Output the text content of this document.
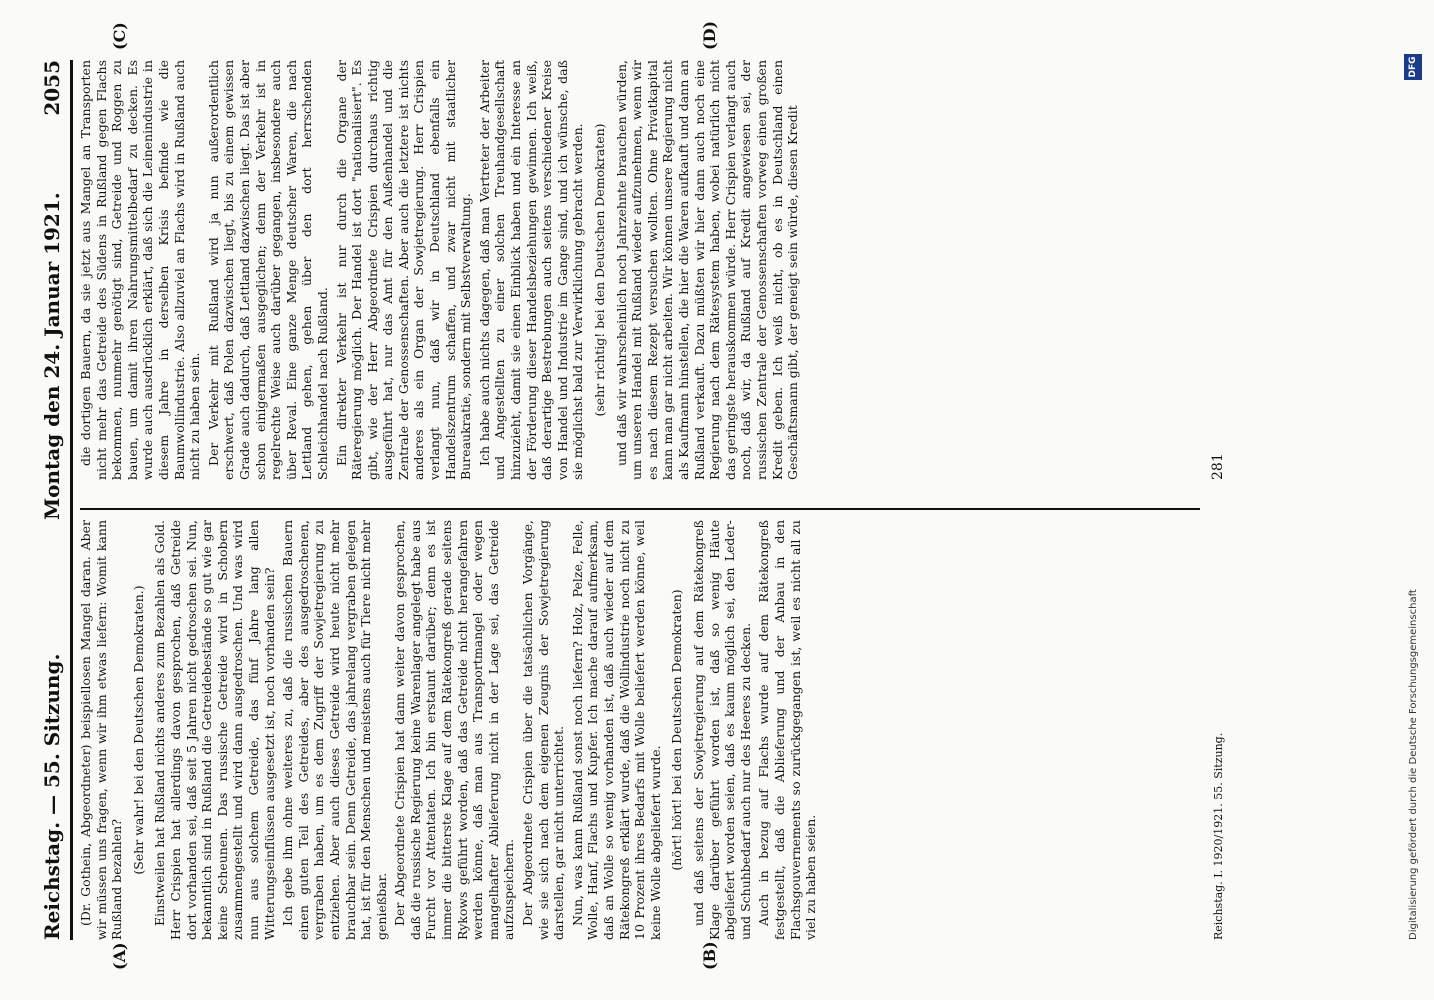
Reichstag. — 55. Sitzung.
Montag den 24. Januar 1921.
2055
(A)	(B)
(C)	(D)

(Dr. Gothein, Abgeordneter) beispiellosen Mangel daran. Aber wir müssen uns fragen, wenn wir ihm etwas liefern: Womit kann Rußland bezahlen?

(Sehr wahr! bei den Deutschen Demokraten.) Einstweilen hat Rußland nichts anderes zum Bezahlen als Gold. Herr Crispien hat allerdings davon gesprochen, daß Getreide dort vorhanden sei, daß seit 5 Jahren nicht gedroschen sei. Nun, bekanntlich sind in Rußland die Getreidebestände so gut wie gar keine Scheunen. Das russische Getreide wird in Schobern zusammengestellt und wird dann ausgedroschen. Und was wird nun aus solchem Getreide, das fünf Jahre lang allen Witterungseinflüssen ausgesetzt ist, noch vorhanden sein? Ich gebe ihm ohne weiteres zu, daß die russischen Bauern einen guten Teil des Getreides, aber des ausgedroschenen, vergraben haben, um es dem Zugriff der Sowjetregierung zu entziehen. Aber auch dieses Getreide wird heute nicht mehr brauchbar sein. Denn Getreide, das jahrelang vergraben gelegen hat, ist für den Menschen und meistens auch für Tiere nicht mehr genießbar. Der Abgeordnete Crispien hat dann weiter davon gesprochen, daß die russische Regierung keine Warenlager angelegt habe aus Furcht vor Attentaten. Ich bin erstaunt darüber; denn es ist immer die bitterste Klage auf dem Rätekongreß gerade seitens Rykows geführt worden, daß das Getreide nicht herangefahren werden könne, daß man aus Transportmangel oder wegen mangelhafter Ablieferung nicht in der Lage sei, das Getreide aufzuspeichern. Der Abgeordnete Crispien über die tatsächlichen Vorgänge, wie sie sich nach dem eigenen Zeugnis der Sowjetregierung darstellen, gar nicht unterrichtet. Nun, was kann Rußland sonst noch liefern? Holz, Pelze, Felle, Wolle, Hanf, Flachs und Kupfer. Ich mache darauf aufmerksam, daß an Wolle so wenig vorhanden ist, daß auch wieder auf dem Rätekongreß erklärt wurde, daß die Wollindustrie noch nicht zu 10 Prozent ihres Bedarfs mit Wolle beliefert werden könne, weil keine Wolle abgeliefert wurde. (hört! hört! bei den Deutschen Demokraten) und daß seitens der Sowjetregierung auf dem Rätekongreß Klage darüber geführt worden ist, daß so wenig Häute abgeliefert worden seien, daß es kaum möglich sei, den Leder- und Schuhbedarf auch nur des Heeres zu decken. Auch in bezug auf Flachs wurde auf dem Rätekongreß festgestellt, daß die Ablieferung und der Anbau in den Flachsgouvernements so zurückgegangen ist, weil es nicht all zu viel zu haben seien.

die dortigen Bauern, da sie jetzt aus Mangel an Transporten nicht mehr das Getreide des Südens in Rußland gegen Flachs bekommen, nunmehr genötigt sind, Getreide und Roggen zu bauen, um damit ihren Nahrungsmittelbedarf zu decken. Es wurde auch ausdrücklich erklärt, daß sich die Leinenindustrie in diesem Jahre in derselben Krisis befinde wie die Baumwollindustrie. Also allzuviel an Flachs wird in Rußland auch nicht zu haben sein. Der Verkehr mit Rußland wird ja nun außerordentlich erschwert, daß Polen dazwischen liegt, bis zu einem gewissen Grade auch dadurch, daß Lettland dazwischen liegt. Das ist aber schon einigermaßen ausgeglichen; denn der Verkehr ist in regelrechte Weise auch darüber gegangen, insbesondere auch über Reval. Eine ganze Menge deutscher Waren, die nach Lettland gehen, gehen über den dort herrschenden Schleichhandel nach Rußland. Ein direkter Verkehr ist nur durch die Organe der Räteregierung möglich. Der Handel ist dort "nationalisiert". Es gibt, wie der Herr Abgeordnete Crispien durchaus richtig ausgeführt hat, nur das Amt für den Außenhandel und die Zentrale der Genossenschaften. Aber auch die letztere ist nichts anderes als ein Organ der Sowjetregierung. Herr Crispien verlangt nun, daß wir in Deutschland ebenfalls ein Handelszentrum schaffen, und zwar nicht mit staatlicher Bureaukratie, sondern mit Selbstverwaltung. Ich habe auch nichts dagegen, daß man Vertreter der Arbeiter und Angestellten zu einer solchen Treuhandgesellschaft hinzuzieht, damit sie einen Einblick haben und ein Interesse an der Förderung dieser Handelsbeziehungen gewinnen. Ich weiß, daß derartige Bestrebungen auch seitens verschiedener Kreise von Handel und Industrie im Gange sind, und ich wünsche, daß sie möglichst bald zur Verwirklichung gebracht werden. (sehr richtig! bei den Deutschen Demokraten) und daß wir wahrscheinlich noch Jahrzehnte brauchen würden, um unseren Handel mit Rußland wieder aufzunehmen, wenn wir es nach diesem Rezept versuchen wollten. Ohne Privatkapital kann man gar nicht arbeiten. Wir können unsere Regierung nicht als Kaufmann hinstellen, die hier die Waren aufkauft und dann an Rußland verkauft. Dazu müßten wir hier dann auch noch eine Regierung nach dem Rätesystem haben, wobei natürlich nicht das geringste herauskommen würde. Herr Crispien verlangt auch noch, daß wir, da Rußland auf Kredit angewiesen sei, der russischen Zentrale der Genossenschaften vorweg einen großen Kredit geben. Ich weiß nicht, ob es in Deutschland einen Geschäftsmann gibt, der geneigt sein würde, diesen Kredit

Reichstag. I. 1920/1921. 55. Sitzung.
281
Digitalisierung gefördert durch die Deutsche Forschungsgemeinschaft
DFG
